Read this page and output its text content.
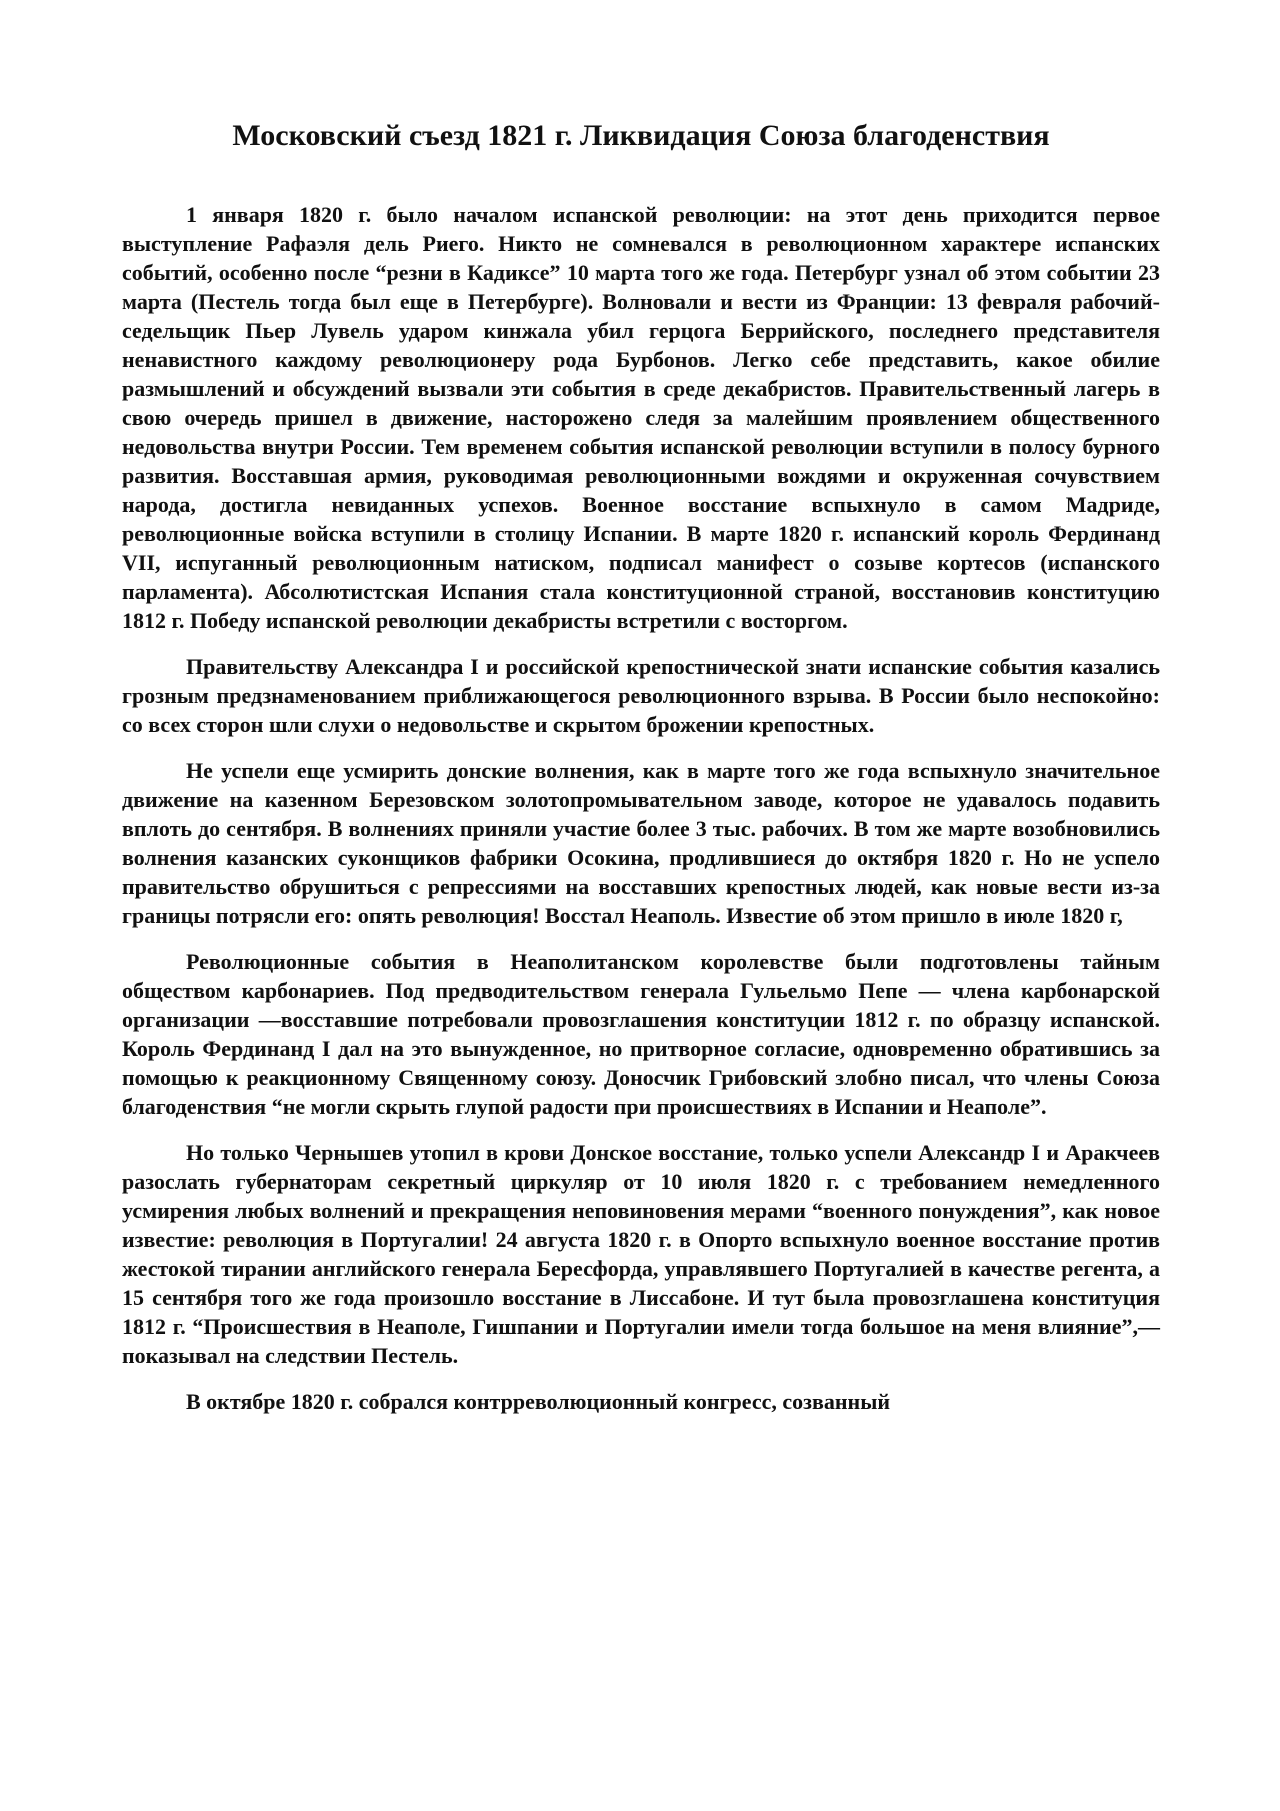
Московский съезд 1821 г. Ликвидация Союза благоденствия

1 января 1820 г. было началом испанской революции: на этот день приходится первое выступление Рафаэля дель Риего. Никто не сомневался в революционном характере испанских событий, особенно после “резни в Кадиксе” 10 марта того же года. Петербург узнал об этом событии 23 марта (Пестель тогда был еще в Петербурге). Волновали и вести из Франции: 13 февраля рабочий-седельщик Пьер Лувель ударом кинжала убил герцога Беррийского, последнего представителя ненавистного каждому революционеру рода Бурбонов. Легко себе представить, какое обилие размышлений и обсуждений вызвали эти события в среде декабристов. Правительственный лагерь в свою очередь пришел в движение, насторожено следя за малейшим проявлением общественного недовольства внутри России. Тем временем события испанской революции вступили в полосу бурного развития. Восставшая армия, руководимая революционными вождями и окруженная сочувствием народа, достигла невиданных успехов. Военное восстание вспыхнуло в самом Мадриде, революционные войска вступили в столицу Испании. В марте 1820 г. испанский король Фердинанд VII, испуганный революционным натиском, подписал манифест о созыве кортесов (испанского парламента). Абсолютистская Испания стала конституционной страной, восстановив конституцию 1812 г. Победу испанской революции декабристы встретили с восторгом.

Правительству Александра I и российской крепостнической знати испанские события казались грозным предзнаменованием приближающегося революционного взрыва. В России было неспокойно: со всех сторон шли слухи о недовольстве и скрытом брожении крепостных.

Не успели еще усмирить донские волнения, как в марте того же года вспыхнуло значительное движение на казенном Березовском золотопромывательном заводе, которое не удавалось подавить вплоть до сентября. В волнениях приняли участие более 3 тыс. рабочих. В том же марте возобновились волнения казанских суконщиков фабрики Осокина, продлившиеся до октября 1820 г. Но не успело правительство обрушиться с репрессиями на восставших крепостных людей, как новые вести из-за границы потрясли его: опять революция! Восстал Неаполь. Известие об этом пришло в июле 1820 г,

Революционные события в Неаполитанском королевстве были подготовлены тайным обществом карбонариев. Под предводительством генерала Гульельмо Пепе — члена карбонарской организации —восставшие потребовали провозглашения конституции 1812 г. по образцу испанской. Король Фердинанд I дал на это вынужденное, но притворное согласие, одновременно обратившись за помощью к реакционному Священному союзу. Доносчик Грибовский злобно писал, что члены Союза благоденствия “не могли скрыть глупой радости при происшествиях в Испании и Неаполе”.

Но только Чернышев утопил в крови Донское восстание, только успели Александр I и Аракчеев разослать губернаторам секретный циркуляр от 10 июля 1820 г. с требованием немедленного усмирения любых волнений и прекращения неповиновения мерами “военного понуждения”, как новое известие: революция в Португалии! 24 августа 1820 г. в Опорто вспыхнуло военное восстание против жестокой тирании английского генерала Бересфорда, управлявшего Португалией в качестве регента, а 15 сентября того же года произошло восстание в Лиссабоне. И тут была провозглашена конституция 1812 г. “Происшествия в Неаполе, Гишпании и Португалии имели тогда большое на меня влияние”,— показывал на следствии Пестель.

В октябре 1820 г. собрался контрреволюционный конгресс, созванный
